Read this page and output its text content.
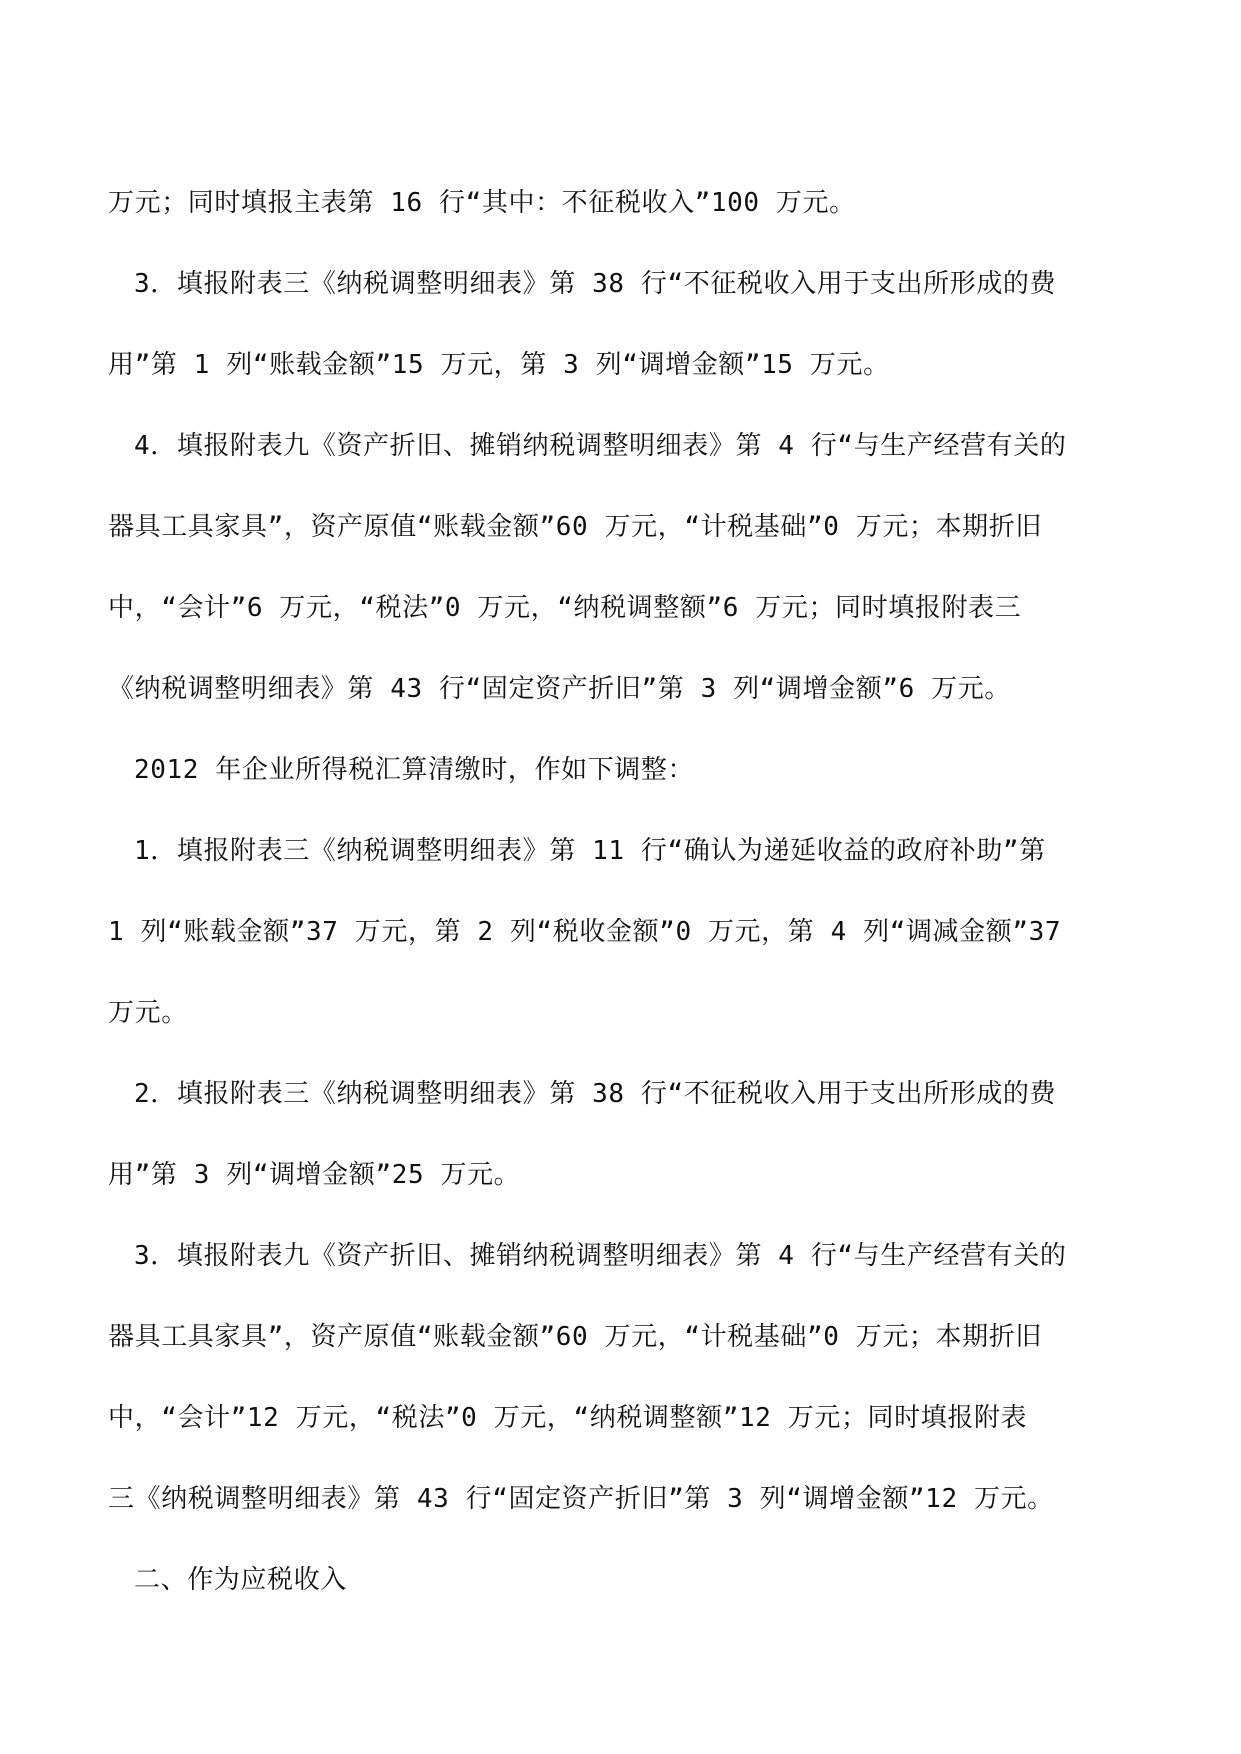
万元；同时填报主表第 16 行“其中：不征税收入”100 万元。

3．填报附表三《纳税调整明细表》第 38 行“不征税收入用于支出所形成的费

用”第 1 列“账载金额”15 万元，第 3 列“调增金额”15 万元。

4．填报附表九《资产折旧、摊销纳税调整明细表》第 4 行“与生产经营有关的

器具工具家具”，资产原值“账载金额”60 万元，“计税基础”0 万元；本期折旧

中，“会计”6 万元，“税法”0 万元，“纳税调整额”6 万元；同时填报附表三

《纳税调整明细表》第 43 行“固定资产折旧”第 3 列“调增金额”6 万元。

2012 年企业所得税汇算清缴时，作如下调整：

1．填报附表三《纳税调整明细表》第 11 行“确认为递延收益的政府补助”第

1 列“账载金额”37 万元，第 2 列“税收金额”0 万元，第 4 列“调减金额”37

万元。

2．填报附表三《纳税调整明细表》第 38 行“不征税收入用于支出所形成的费

用”第 3 列“调增金额”25 万元。

3．填报附表九《资产折旧、摊销纳税调整明细表》第 4 行“与生产经营有关的

器具工具家具”，资产原值“账载金额”60 万元，“计税基础”0 万元；本期折旧

中，“会计”12 万元，“税法”0 万元，“纳税调整额”12 万元；同时填报附表

三《纳税调整明细表》第 43 行“固定资产折旧”第 3 列“调增金额”12 万元。

二、作为应税收入
